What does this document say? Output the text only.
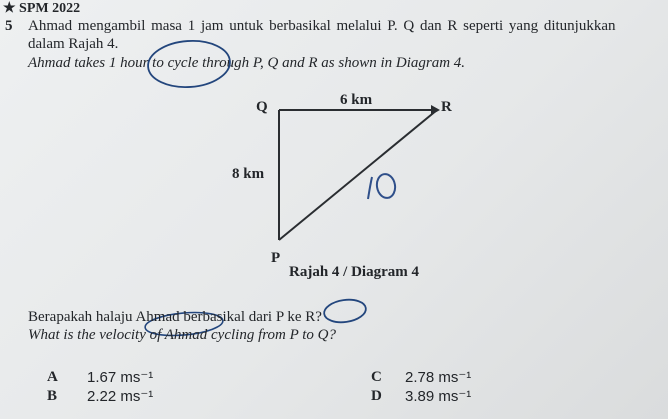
★ SPM 2022
5 Ahmad mengambil masa 1 jam untuk berbasikal melalui P. Q dan R seperti yang ditunjukkan
dalam Rajah 4.
Ahmad takes 1 hour to cycle through P, Q and R as shown in Diagram 4.
Q	R
P
6 km
8 km
Rajah 4 / Diagram 4
Berapakah halaju Ahmad berbasikal dari P ke R?
What is the velocity of Ahmad cycling from P to Q?
A 1.67 ms⁻¹
B 2.22 ms⁻¹
C 2.78 ms⁻¹
D 3.89 ms⁻¹
